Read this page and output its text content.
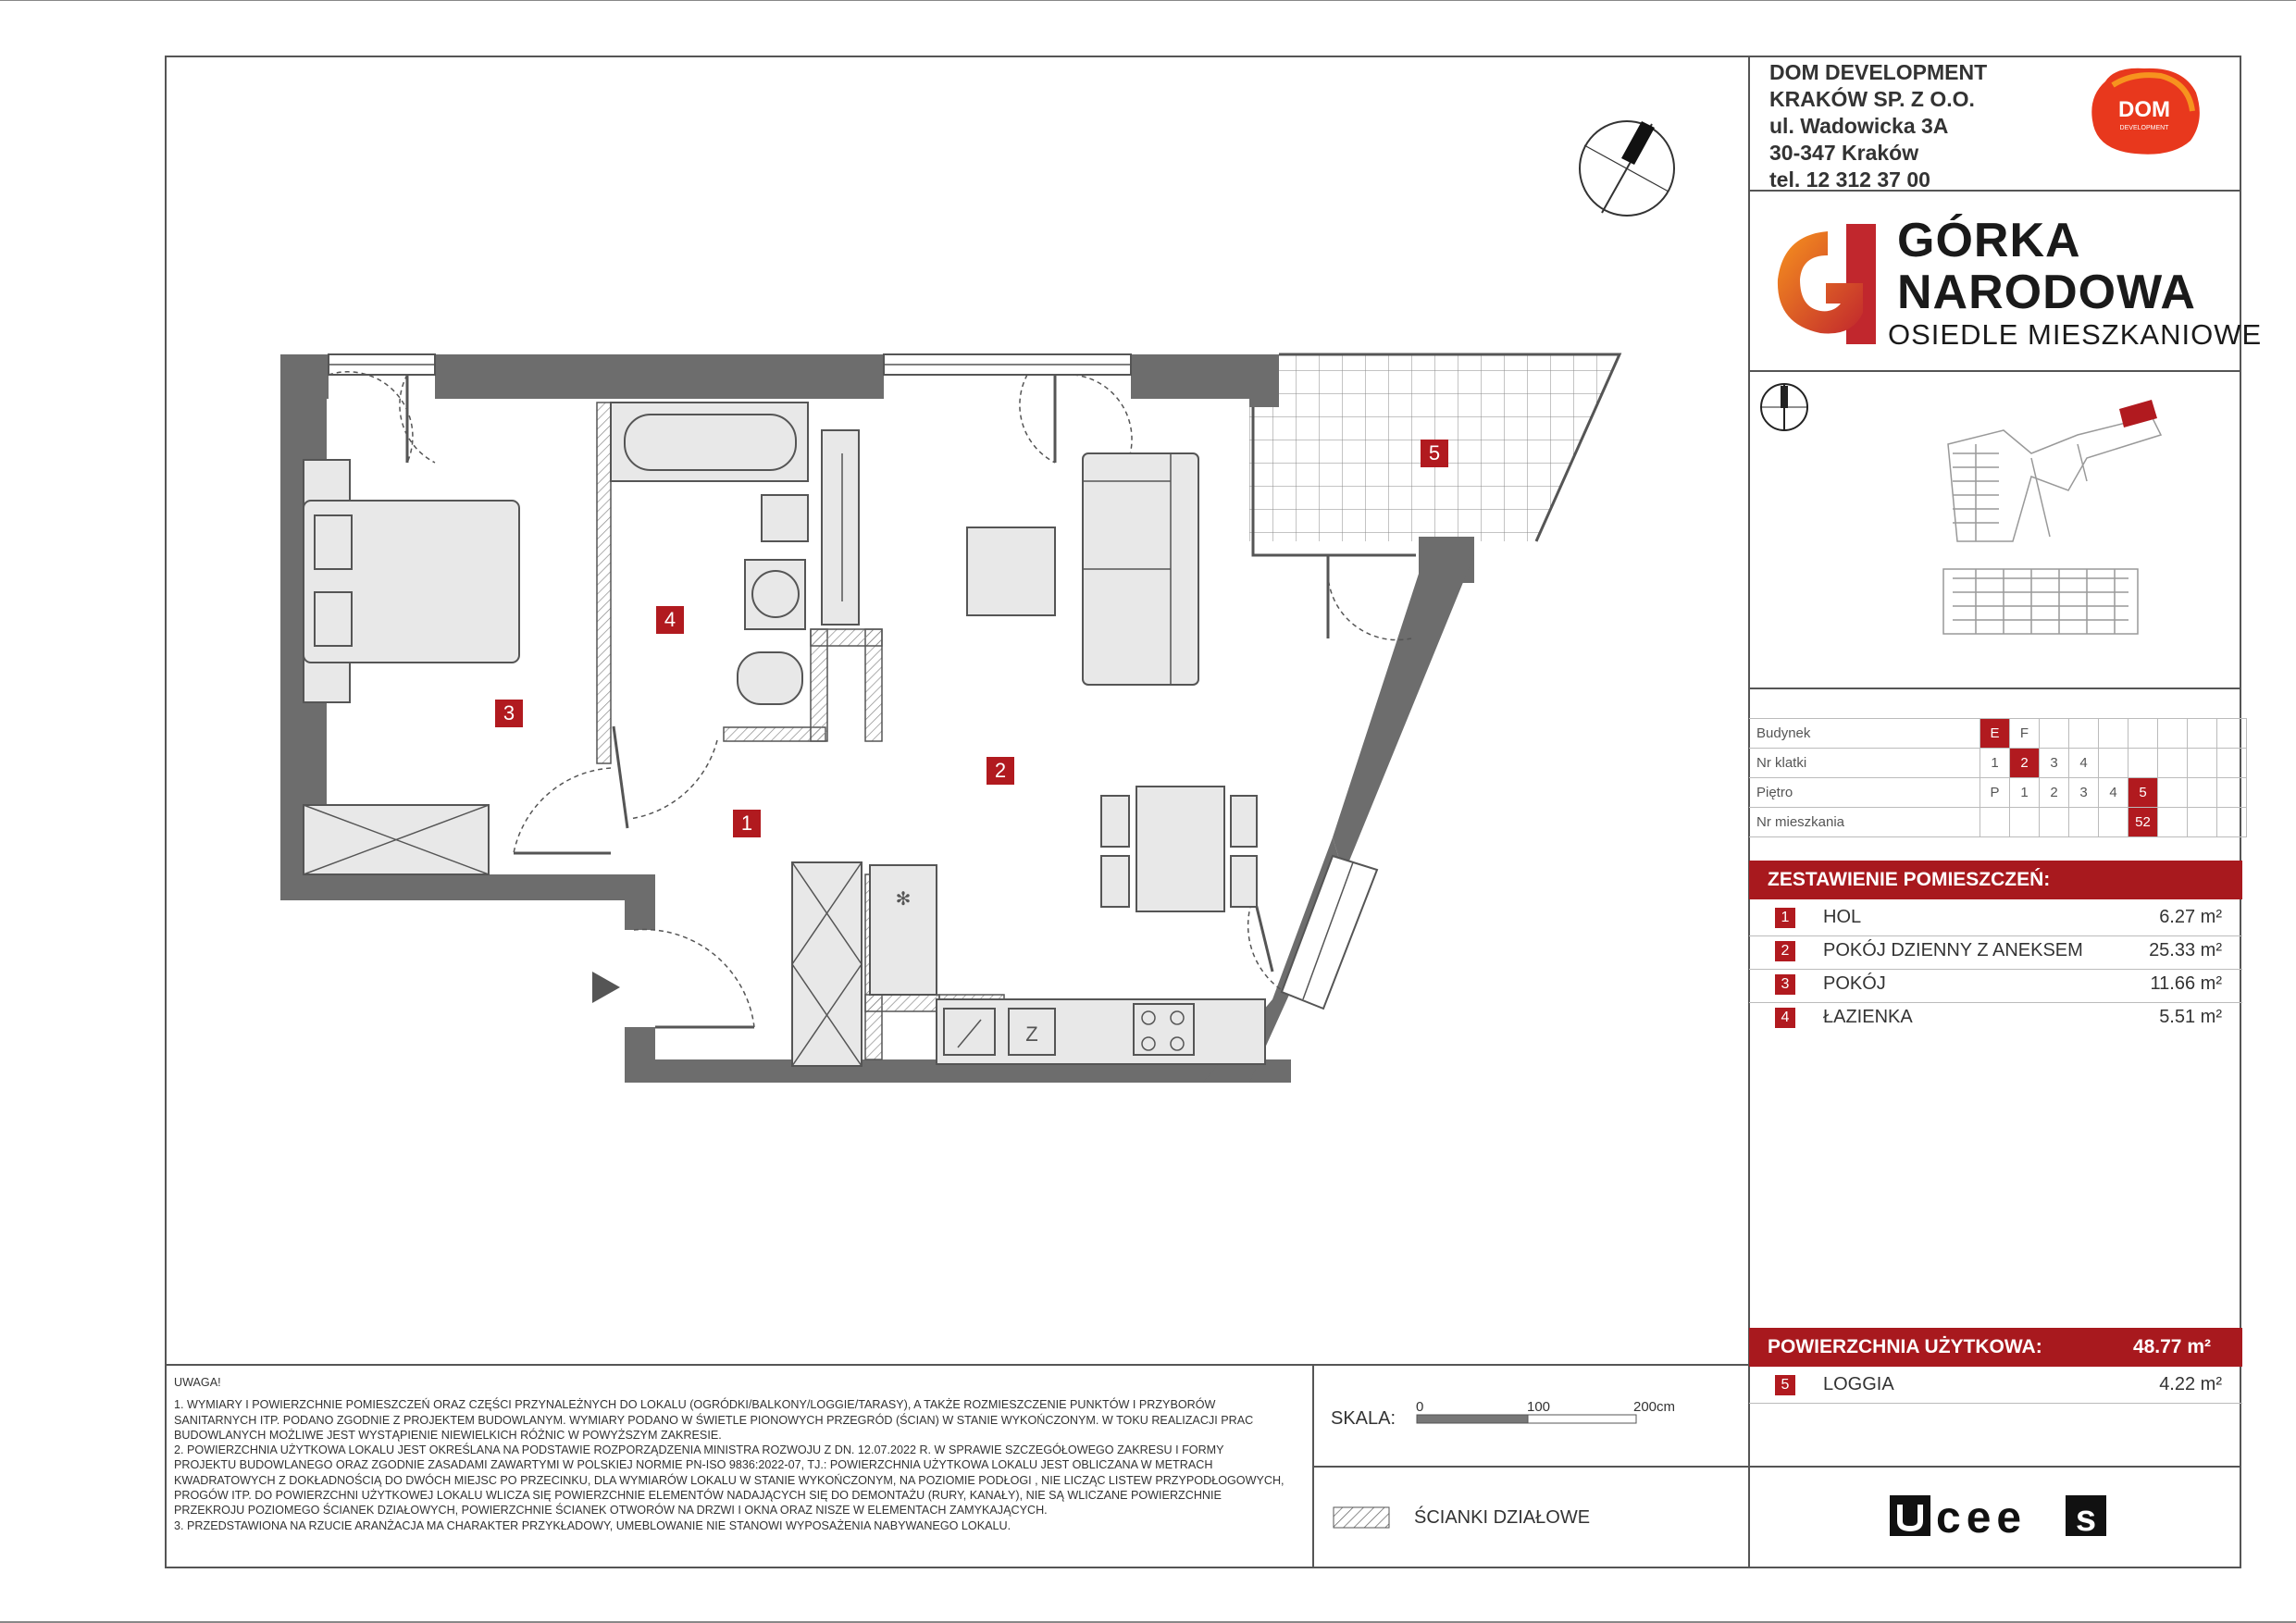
DOM DEVELOPMENT
KRAKÓW SP. Z O.O.
ul. Wadowicka 3A
30-347 Kraków
tel. 12 312 37 00
DOM
DEVELOPMENT
GÓRKA
NARODOWA
OSIEDLE MIESZKANIOWE
Budynek	E	F							
Nr klatki	1	2	3	4					
Piętro	P	1	2	3	4	5			
Nr mieszkania						52			
ZESTAWIENIE POMIESZCZEŃ:
1	HOL	6.27 m²
2	POKÓJ DZIENNY Z ANEKSEM	25.33 m²
3	POKÓJ	11.66 m²
4	ŁAZIENKA	5.51 m²
POWIERZCHNIA UŻYTKOWA:	48.77 m²
5	LOGGIA	4.22 m²
UWAGA!
1. WYMIARY I POWIERZCHNIE POMIESZCZEŃ ORAZ CZĘŚCI PRZYNALEŻNYCH DO LOKALU (OGRÓDKI/BALKONY/LOGGIE/TARASY), A TAKŻE ROZMIESZCZENIE PUNKTÓW I PRZYBORÓW SANITARNYCH ITP. PODANO ZGODNIE Z PROJEKTEM BUDOWLANYM. WYMIARY PODANO W ŚWIETLE PIONOWYCH PRZEGRÓD (ŚCIAN) W STANIE WYKOŃCZONYM. W TOKU REALIZACJI PRAC BUDOWLANYCH MOŻLIWE JEST WYSTĄPIENIE NIEWIELKICH RÓŻNIC W POWYŻSZYM ZAKRESIE.
2. POWIERZCHNIA UŻYTKOWA LOKALU JEST OKREŚLANA NA PODSTAWIE ROZPORZĄDZENIA MINISTRA ROZWOJU Z DN. 12.07.2022 R. W SPRAWIE SZCZEGÓŁOWEGO ZAKRESU I FORMY PROJEKTU BUDOWLANEGO ORAZ ZGODNIE ZASADAMI ZAWARTYMI W POLSKIEJ NORMIE PN-ISO 9836:2022-07, TJ.: POWIERZCHNIA UŻYTKOWA LOKALU JEST OBLICZANA W METRACH KWADRATOWYCH Z DOKŁADNOŚCIĄ DO DWÓCH MIEJSC PO PRZECINKU, DLA WYMIARÓW LOKALU W STANIE WYKOŃCZONYM, NA POZIOMIE PODŁOGI , NIE LICZĄC LISTEW PRZYPODŁOGOWYCH, PROGÓW ITP. DO POWIERZCHNI UŻYTKOWEJ LOKALU WLICZA SIĘ POWIERZCHNIE ELEMENTÓW NADAJĄCYCH SIĘ DO DEMONTAŻU (RURY, KANAŁY), NIE SĄ WLICZANE POWIERZCHNIE PRZEKROJU POZIOMEGO ŚCIANEK DZIAŁOWYCH, POWIERZCHNIE ŚCIANEK OTWORÓW NA DRZWI I OKNA ORAZ NISZE W ELEMENTACH ZAMYKAJĄCYCH.
3. PRZEDSTAWIONA NA RZUCIE ARANŻACJA MA CHARAKTER PRZYKŁADOWY, UMEBLOWANIE NIE STANOWI WYPOSAŻENIA NABYWANEGO LOKALU.
SKALA:
0	100	200cm
ŚCIANKI DZIAŁOWE	cee s
Z
✻
1
2
3
4
5
